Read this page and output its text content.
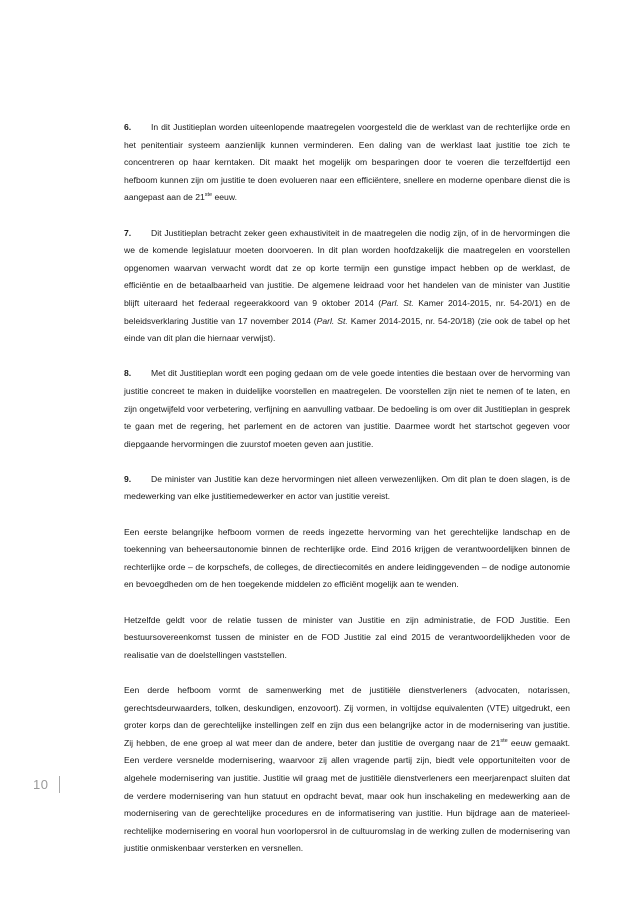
6. In dit Justitieplan worden uiteenlopende maatregelen voorgesteld die de werklast van de rechterlijke orde en het penitentiair systeem aanzienlijk kunnen verminderen. Een daling van de werklast laat justitie toe zich te concentreren op haar kerntaken. Dit maakt het mogelijk om besparingen door te voeren die terzelfdertijd een hefboom kunnen zijn om justitie te doen evolueren naar een efficiëntere, snellere en moderne openbare dienst die is aangepast aan de 21ste eeuw.

7. Dit Justitieplan betracht zeker geen exhaustiviteit in de maatregelen die nodig zijn, of in de hervormingen die we de komende legislatuur moeten doorvoeren. In dit plan worden hoofdzakelijk die maatregelen en voorstellen opgenomen waarvan verwacht wordt dat ze op korte termijn een gunstige impact hebben op de werklast, de efficiëntie en de betaalbaarheid van justitie. De algemene leidraad voor het handelen van de minister van Justitie blijft uiteraard het federaal regeerakkoord van 9 oktober 2014 (Parl. St. Kamer 2014-2015, nr. 54-20/1) en de beleidsverklaring Justitie van 17 november 2014 (Parl. St. Kamer 2014-2015, nr. 54-20/18) (zie ook de tabel op het einde van dit plan die hiernaar verwijst).

8. Met dit Justitieplan wordt een poging gedaan om de vele goede intenties die bestaan over de hervorming van justitie concreet te maken in duidelijke voorstellen en maatregelen. De voorstellen zijn niet te nemen of te laten, en zijn ongetwijfeld voor verbetering, verfijning en aanvulling vatbaar. De bedoeling is om over dit Justitieplan in gesprek te gaan met de regering, het parlement en de actoren van justitie. Daarmee wordt het startschot gegeven voor diepgaande hervormingen die zuurstof moeten geven aan justitie.

9. De minister van Justitie kan deze hervormingen niet alleen verwezenlijken. Om dit plan te doen slagen, is de medewerking van elke justitiemedewerker en actor van justitie vereist.

Een eerste belangrijke hefboom vormen de reeds ingezette hervorming van het gerechtelijke landschap en de toekenning van beheersautonomie binnen de rechterlijke orde. Eind 2016 krijgen de verantwoordelijken binnen de rechterlijke orde – de korpschefs, de colleges, de directiecomités en andere leidinggevenden – de nodige autonomie en bevoegdheden om de hen toegekende middelen zo efficiënt mogelijk aan te wenden.

Hetzelfde geldt voor de relatie tussen de minister van Justitie en zijn administratie, de FOD Justitie. Een bestuursovereenkomst tussen de minister en de FOD Justitie zal eind 2015 de verantwoordelijkheden voor de realisatie van de doelstellingen vaststellen.

Een derde hefboom vormt de samenwerking met de justitiële dienstverleners (advocaten, notarissen, gerechtsdeurwaarders, tolken, deskundigen, enzovoort). Zij vormen, in voltijdse equivalenten (VTE) uitgedrukt, een groter korps dan de gerechtelijke instellingen zelf en zijn dus een belangrijke actor in de modernisering van justitie. Zij hebben, de ene groep al wat meer dan de andere, beter dan justitie de overgang naar de 21ste eeuw gemaakt. Een verdere versnelde modernisering, waarvoor zij allen vragende partij zijn, biedt vele opportuniteiten voor de algehele modernisering van justitie. Justitie wil graag met de justitiële dienstverleners een meerjarenpact sluiten dat de verdere modernisering van hun statuut en opdracht bevat, maar ook hun inschakeling en medewerking aan de modernisering van de gerechtelijke procedures en de informatisering van justitie. Hun bijdrage aan de materieelrechtelijke modernisering en vooral hun voorlopersrol in de cultuuromslag in de werking zullen de modernisering van justitie onmiskenbaar versterken en versnellen.

10
